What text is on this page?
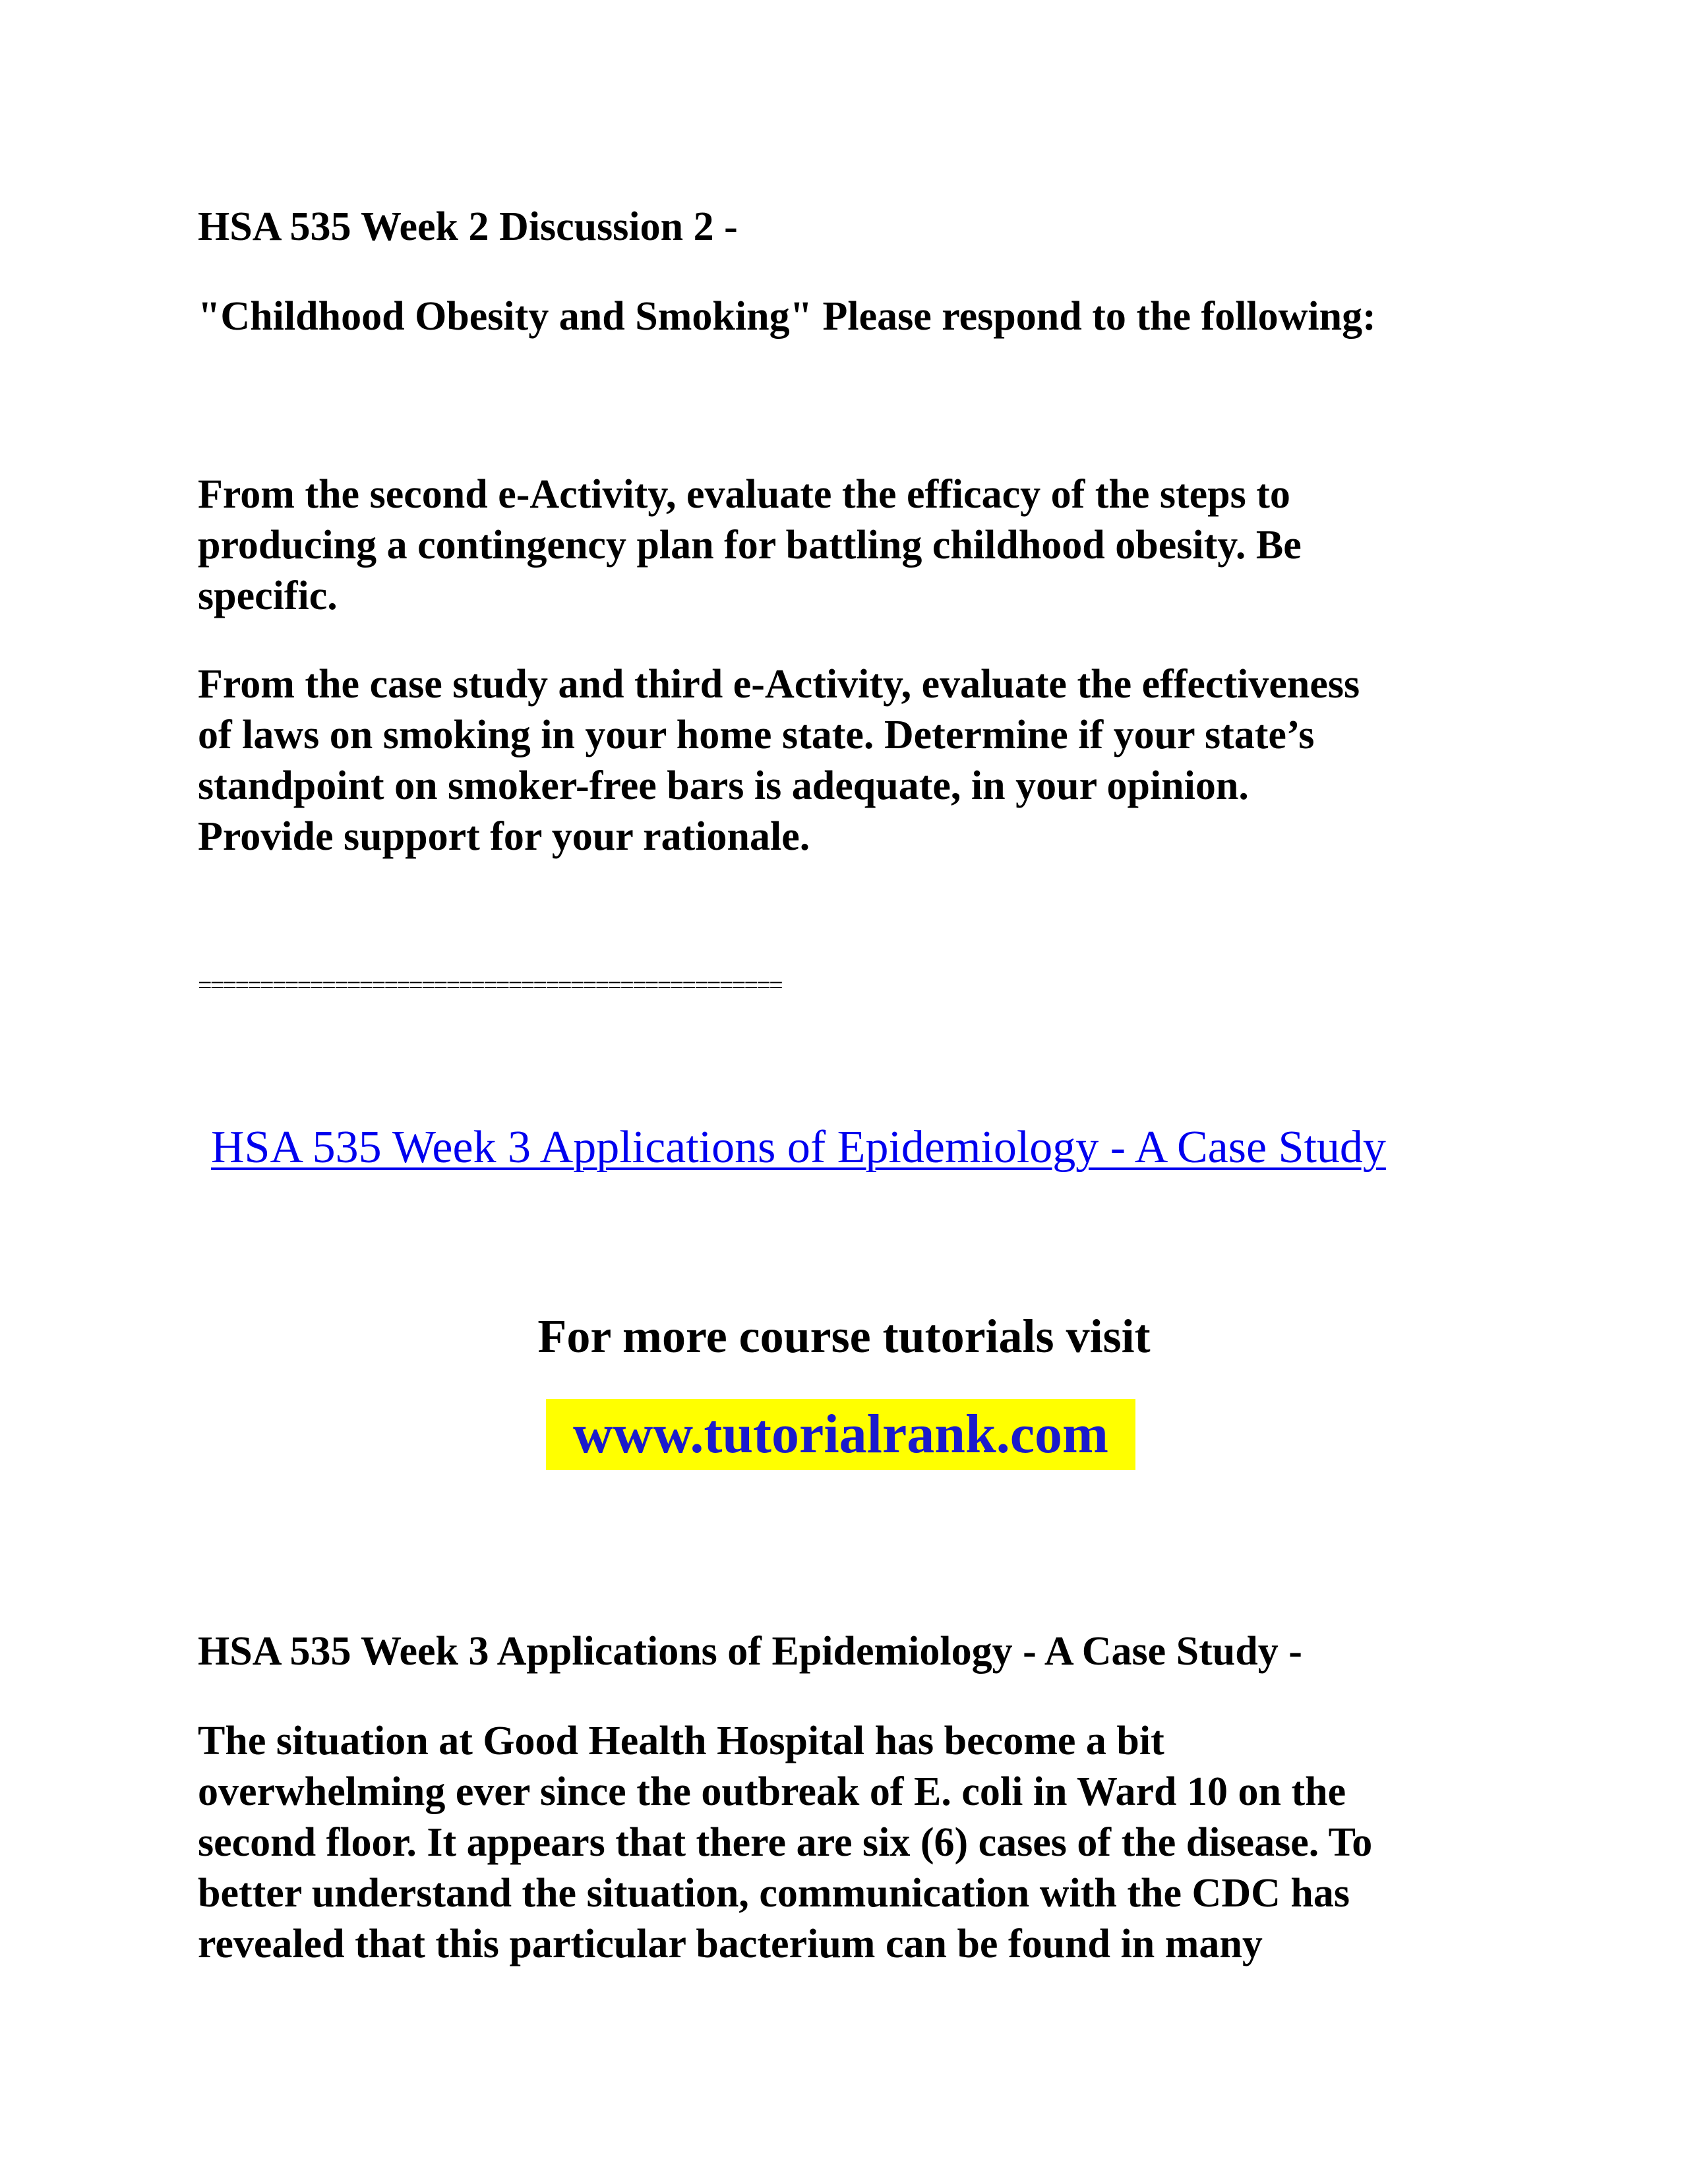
HSA 535 Week 2 Discussion 2 -

"Childhood Obesity and Smoking" Please respond to the following:

From the second e-Activity, evaluate the efficacy of the steps to
producing a contingency plan for battling childhood obesity. Be
specific.

From the case study and third e-Activity, evaluate the effectiveness
of laws on smoking in your home state. Determine if your state’s
standpoint on smoker-free bars is adequate, in your opinion.
Provide support for your rationale.

===============================================
HSA 535 Week 3 Applications of Epidemiology - A Case Study
For more course tutorials visit
www.tutorialrank.com

HSA 535 Week 3 Applications of Epidemiology - A Case Study -

The situation at Good Health Hospital has become a bit
overwhelming ever since the outbreak of E. coli in Ward 10 on the
second floor. It appears that there are six (6) cases of the disease. To
better understand the situation, communication with the CDC has
revealed that this particular bacterium can be found in many
